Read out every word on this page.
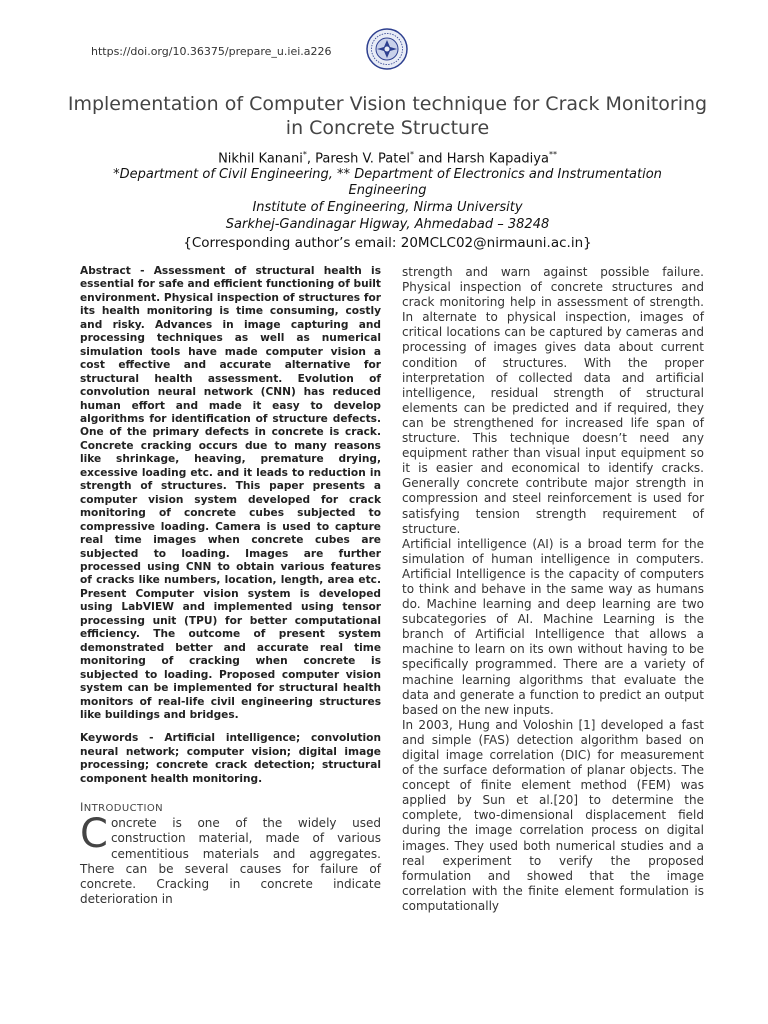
https://doi.org/10.36375/prepare_u.iei.a226
Implementation of Computer Vision technique for Crack Monitoring in Concrete Structure
Nikhil Kanani*, Paresh V. Patel* and Harsh Kapadiya**
*Department of Civil Engineering, ** Department of Electronics and Instrumentation Engineering
Institute of Engineering, Nirma University
Sarkhej-Gandinagar Higway, Ahmedabad – 38248
{Corresponding author’s email: 20MCLC02@nirmauni.ac.in}

Abstract - Assessment of structural health is essential for safe and efficient functioning of built environment. Physical inspection of structures for its health monitoring is time consuming, costly and risky. Advances in image capturing and processing techniques as well as numerical simulation tools have made computer vision a cost effective and accurate alternative for structural health assessment. Evolution of convolution neural network (CNN) has reduced human effort and made it easy to develop algorithms for identification of structure defects. One of the primary defects in concrete is crack. Concrete cracking occurs due to many reasons like shrinkage, heaving, premature drying, excessive loading etc. and it leads to reduction in strength of structures. This paper presents a computer vision system developed for crack monitoring of concrete cubes subjected to compressive loading. Camera is used to capture real time images when concrete cubes are subjected to loading. Images are further processed using CNN to obtain various features of cracks like numbers, location, length, area etc. Present Computer vision system is developed using LabVIEW and implemented using tensor processing unit (TPU) for better computational efficiency. The outcome of present system demonstrated better and accurate real time monitoring of cracking when concrete is subjected to loading. Proposed computer vision system can be implemented for structural health monitors of real-life civil engineering structures like buildings and bridges.

Keywords - Artificial intelligence; convolution neural network; computer vision; digital image processing; concrete crack detection; structural component health monitoring.

INTRODUCTION

Concrete is one of the widely used construction material, made of various cementitious materials and aggregates. There can be several causes for failure of concrete. Cracking in concrete indicate deterioration in

strength and warn against possible failure. Physical inspection of concrete structures and crack monitoring help in assessment of strength. In alternate to physical inspection, images of critical locations can be captured by cameras and processing of images gives data about current condition of structures. With the proper interpretation of collected data and artificial intelligence, residual strength of structural elements can be predicted and if required, they can be strengthened for increased life span of structure. This technique doesn’t need any equipment rather than visual input equipment so it is easier and economical to identify cracks. Generally concrete contribute major strength in compression and steel reinforcement is used for satisfying tension strength requirement of structure.

Artificial intelligence (AI) is a broad term for the simulation of human intelligence in computers. Artificial Intelligence is the capacity of computers to think and behave in the same way as humans do. Machine learning and deep learning are two subcategories of AI. Machine Learning is the branch of Artificial Intelligence that allows a machine to learn on its own without having to be specifically programmed. There are a variety of machine learning algorithms that evaluate the data and generate a function to predict an output based on the new inputs.

In 2003, Hung and Voloshin [1] developed a fast and simple (FAS) detection algorithm based on digital image correlation (DIC) for measurement of the surface deformation of planar objects. The concept of finite element method (FEM) was applied by Sun et al.[20] to determine the complete, two-dimensional displacement field during the image correlation process on digital images. They used both numerical studies and a real experiment to verify the proposed formulation and showed that the image correlation with the finite element formulation is computationally
